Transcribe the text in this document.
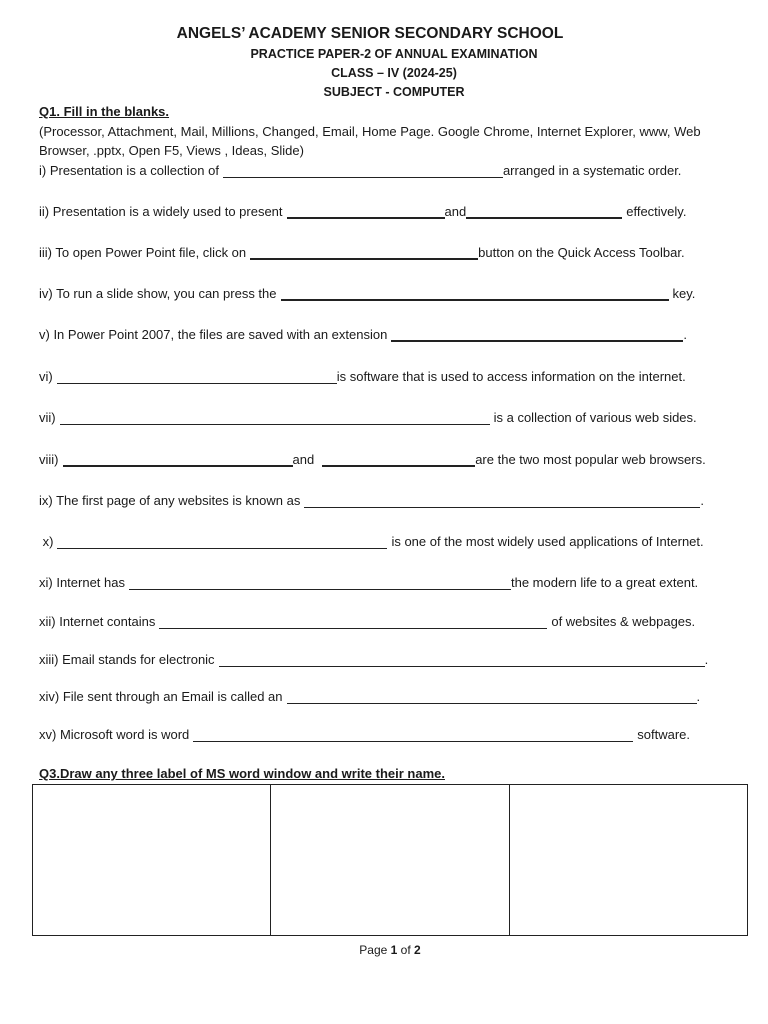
ANGELS’ ACADEMY SENIOR SECONDARY SCHOOL
PRACTICE PAPER-2 OF ANNUAL EXAMINATION
CLASS – IV (2024-25)
SUBJECT - COMPUTER
Q1. Fill in the blanks.
(Processor, Attachment, Mail, Millions, Changed, Email, Home Page. Google Chrome, Internet Explorer, www, Web Browser, .pptx, Open F5, Views , Ideas, Slide)
i) Presentation is a collection of	arranged in a systematic order.
ii) Presentation is a widely used to present	and	effectively.
iii) To open Power Point file, click on	button on the Quick Access Toolbar.
iv) To run a slide show, you can press the	key.
v) In Power Point 2007, the files are saved with an extension	.
vi)	is software that is used to access information on the internet.
vii)	is a collection of various web sides.
viii)	and	are the two most popular web browsers.
ix) The first page of any websites is known as	.
x)	is one of the most widely used applications of Internet.
xi) Internet has	the modern life to a great extent.
xii) Internet contains	of websites & webpages.
xiii) Email stands for electronic	.
xiv) File sent through an Email is called an	.
xv) Microsoft word is word	software.
Q3.Draw any three label of MS word window and write their name.
Page 1 of 2
